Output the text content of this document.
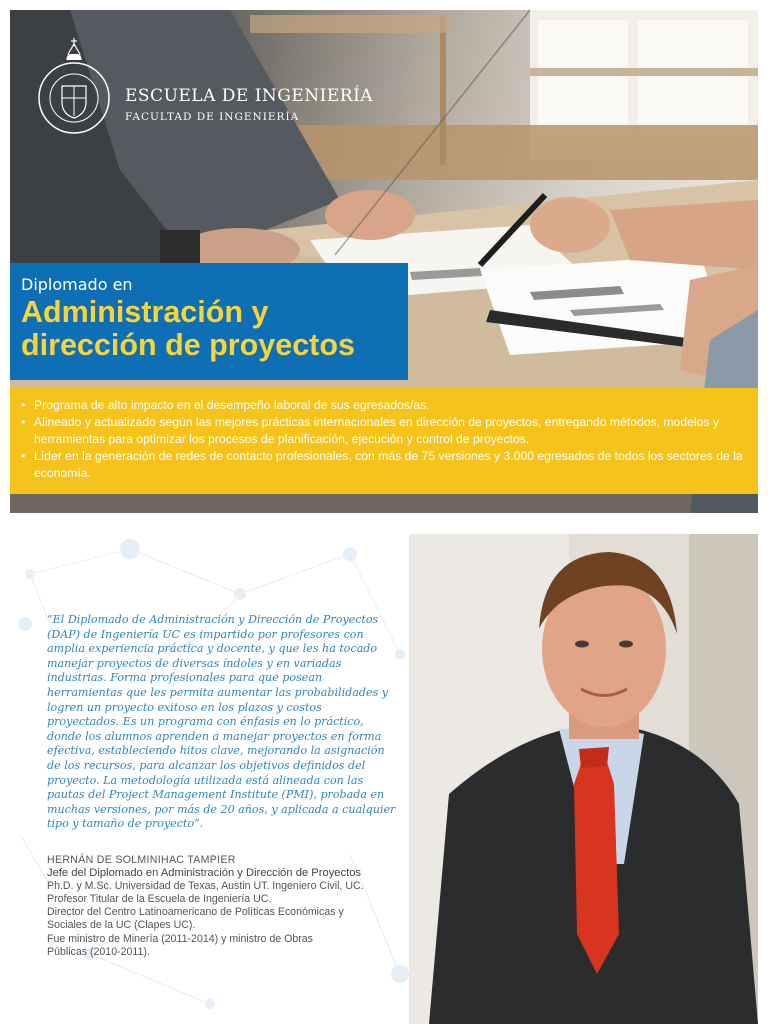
ESCUELA DE INGENIERÍA
FACULTAD DE INGENIERÍA
Diplomado en
Administración y
dirección de proyectos
• Programa de alto impacto en el desempeño laboral de sus egresados/as.
• Alineado y actualizado según las mejores prácticas internacionales en dirección de proyectos, entregando métodos, modelos y herramientas para optimizar los procesos de planificación, ejecución y control de proyectos.
• Líder en la generación de redes de contacto profesionales, con más de 75 versiones y 3.000 egresados de todos los sectores de la economía.
“El Diplomado de Administración y Dirección de Proyectos (DAP) de Ingeniería UC es impartido por profesores con amplia experiencia práctica y docente, y que les ha tocado manejar proyectos de diversas índoles y en variadas industrias. Forma profesionales para que posean herramientas que les permita aumentar las probabilidades y logren un proyecto exitoso en los plazos y costos proyectados. Es un programa con énfasis en lo práctico, donde los alumnos aprenden a manejar proyectos en forma efectiva, estableciendo hitos clave, mejorando la asignación de los recursos, para alcanzar los objetivos definidos del proyecto. La metodología utilizada está alineada con las pautas del Project Management Institute (PMI), probada en muchas versiones, por más de 20 años, y aplicada a cualquier tipo y tamaño de proyecto”.
HERNÁN DE SOLMINIHAC TAMPIER
Jefe del Diplomado en Administración y Dirección de Proyectos
Ph.D. y M.Sc. Universidad de Texas, Austin UT. Ingeniero Civil, UC.
Profesor Titular de la Escuela de Ingeniería UC.
Director del Centro Latinoamericano de Políticas Económicas y
Sociales de la UC (Clapes UC).
Fue ministro de Minería (2011-2014) y ministro de Obras
Públicas (2010-2011).
